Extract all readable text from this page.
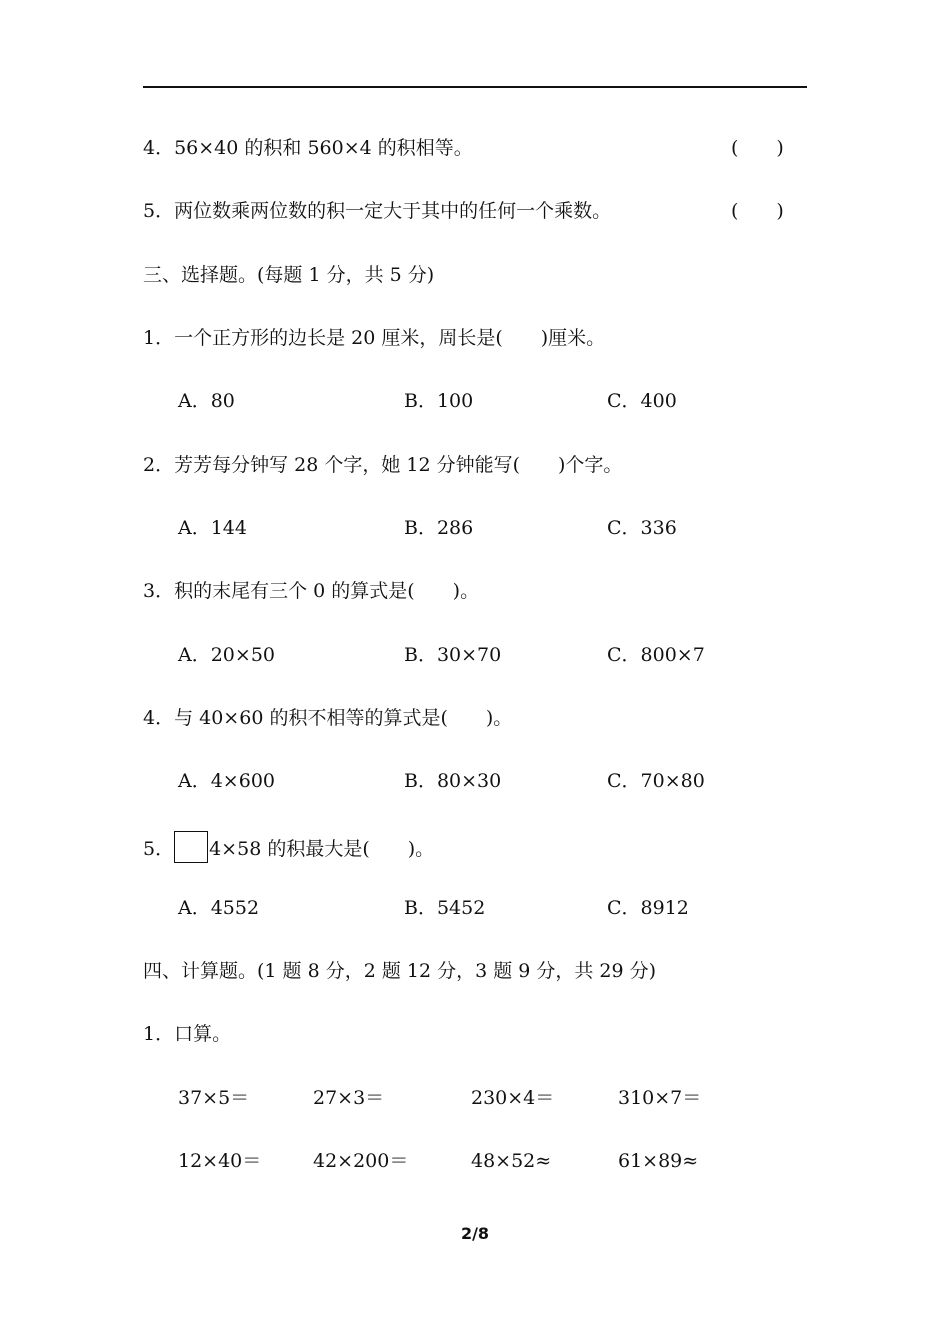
4．56×40 的积和 560×4 的积相等。	(　　)
5．两位数乘两位数的积一定大于其中的任何一个乘数。	(　　)
三、选择题。(每题 1 分，共 5 分)
1．一个正方形的边长是 20 厘米，周长是(　　)厘米。
A．80	B．100	C．400
2．芳芳每分钟写 28 个字，她 12 分钟能写(　　)个字。
A．144	B．286	C．336
3．积的末尾有三个 0 的算式是(　　)。
A．20×50	B．30×70	C．800×7
4．与 40×60 的积不相等的算式是(　　)。
A．4×600	B．80×30	C．70×80
5． 4×58 的积最大是(　　)。
A．4552	B．5452	C．8912
四、计算题。(1 题 8 分，2 题 12 分，3 题 9 分，共 29 分)
1．口算。
37×5＝	27×3＝	230×4＝	310×7＝
12×40＝	42×200＝	48×52≈	61×89≈
2/8
